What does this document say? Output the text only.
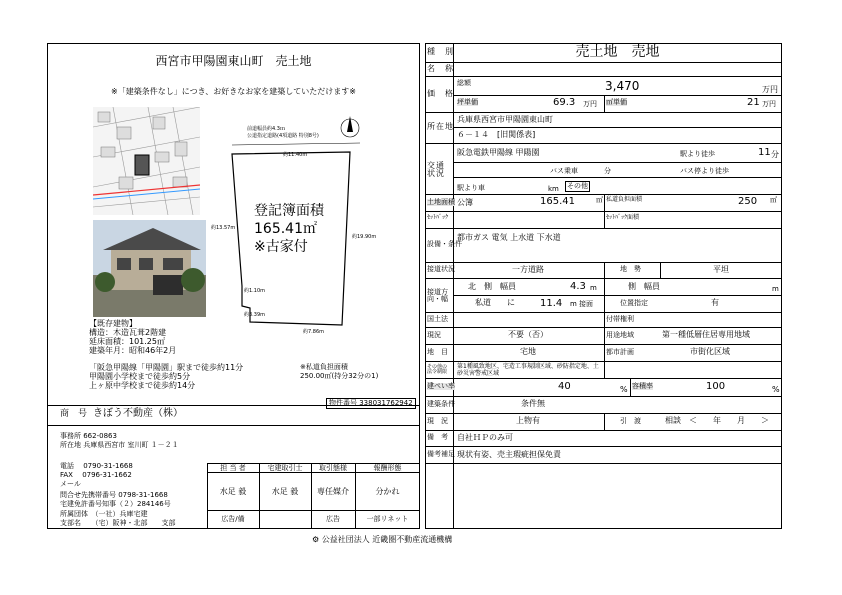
西宮市甲陽園東山町　売土地
※「建築条件なし」につき、お好きなお家を建築していただけます※
前道幅員約4.3ｍ
公道指定道路(4項道路 特別8号)
約11.40m
約13.57m
約19.90m
約1.10m
約3.39m
約7.86m
登記簿面積
165.41㎡
※古家付
【既存建物】
構造：木造瓦葺2階建
延床面積：101.25㎡
建築年月：昭和46年2月
「阪急甲陽線「甲陽園」駅まで徒歩約11分
甲陽園小学校まで徒歩約5分
上ヶ原中学校まで徒歩約14分
※私道負担面積
250.00㎡(持分32分の1)
物件番号 338031762942
商　号 きぼう不動産（株）
事務所 662-0863
所在地 兵庫県西宮市 室川町 １－２１
電話　 0790-31-1668
FAX　 0796-31-1662
メール
問合せ先携帯番号 0798-31-1668
宅建免許番号知事（２）284146号
所属団体　（一社）兵庫宅建
支部名　　（宅）阪神・北部　　支部
担 当 者	宅建取引士	取引態様	報酬形態
水足 毅	水足 毅	専任媒介	分かれ
広告/備	広告	一部リネット
種　別	売土地　売地
名　称
価　格
総額	3,470	万円
坪単価	69.3 万円 ㎡単価	21 万円
所在地
兵庫県西宮市甲陽園東山町
６－１４　[旧関係表]
交通状況
阪急電鉄甲陽線 甲陽園	駅より徒歩	11 分
バス乗車	分	バス停より徒歩
駅より車	km その他
土地面積 公簿	165.41	㎡ 私道負担面積	250 ㎡
ｾｯﾄﾊﾞｯｸ	ｾｯﾄﾊﾞｯｸ面積
設備・条件
都市ガス 電気 上水道 下水道
接道状況	一方道路	地　勢	平坦
接道方向・幅
北　側　幅員	4.3 m	側　幅員	m
私道　　に	11.4 m 接面	位置指定	有
国土法	付帯権利
現況	不要（否）	用途地域	第一種低層住居専用地域
地　目	宅地	都市計画	市街化区域
その他の法令制限
第1種風致地区、宅造工事規制区域、砂防指定地、土
砂災害警戒区域
建ぺい率	40	% 容積率	100	%
建築条件	条件無
現　況	上物有	引　渡	相談　＜　　年　　月　　＞
備　考 自社ＨＰのみ可
備考補足 現状有姿、売主瑕疵担保免責
⚙ 公益社団法人 近畿圏不動産流通機構
